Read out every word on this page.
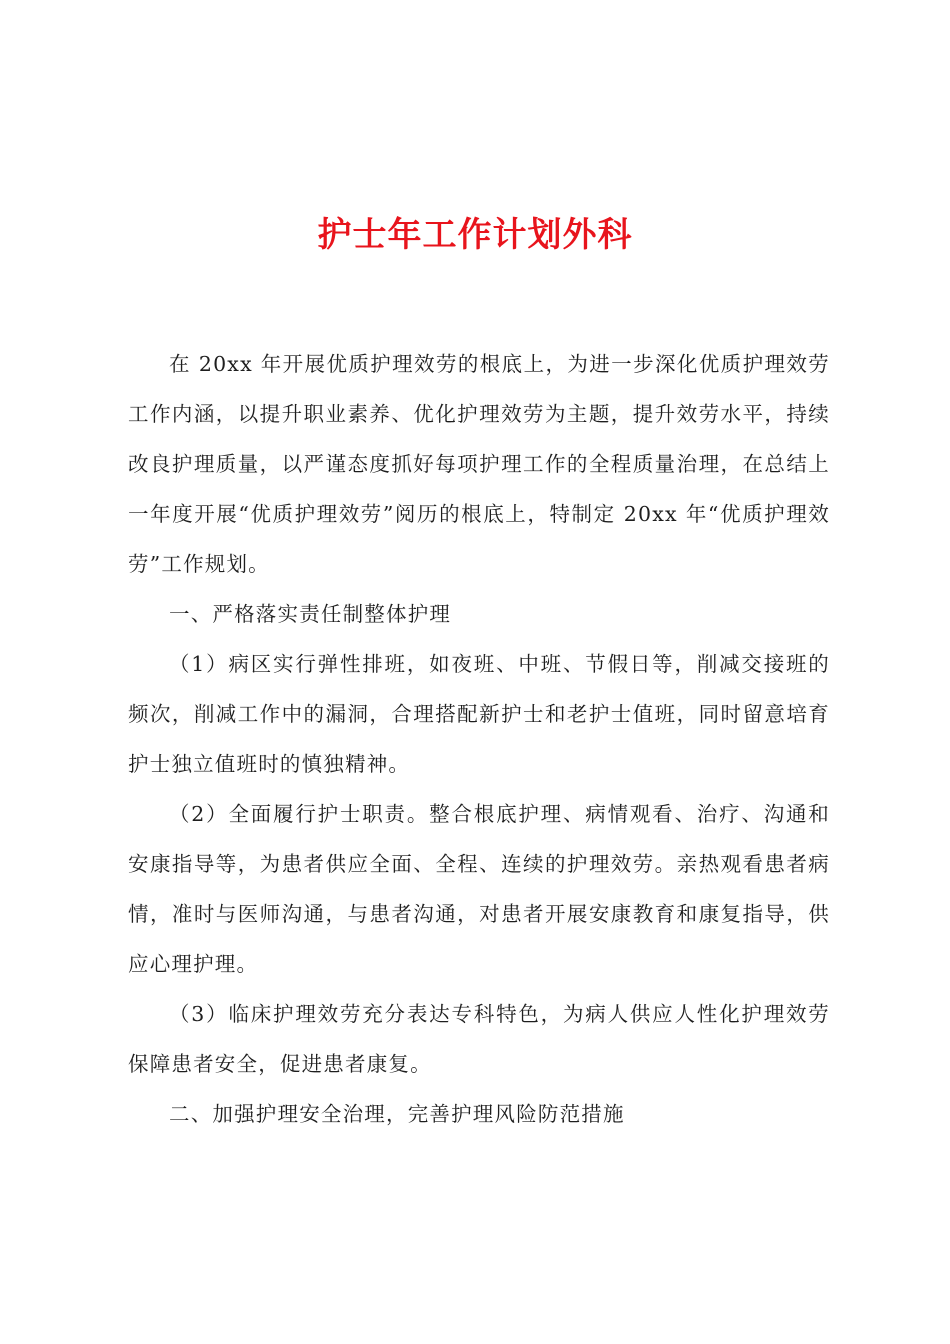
护士年工作计划外科

在 20xx 年开展优质护理效劳的根底上，为进一步深化优质护理效劳工作内涵，以提升职业素养、优化护理效劳为主题，提升效劳水平，持续改良护理质量，以严谨态度抓好每项护理工作的全程质量治理，在总结上一年度开展“优质护理效劳”阅历的根底上，特制定 20xx 年“优质护理效劳”工作规划。

一、严格落实责任制整体护理

（1）病区实行弹性排班，如夜班、中班、节假日等，削减交接班的频次，削减工作中的漏洞，合理搭配新护士和老护士值班，同时留意培育护士独立值班时的慎独精神。

（2）全面履行护士职责。整合根底护理、病情观看、治疗、沟通和安康指导等，为患者供应全面、全程、连续的护理效劳。亲热观看患者病情，准时与医师沟通，与患者沟通，对患者开展安康教育和康复指导，供应心理护理。

（3）临床护理效劳充分表达专科特色，为病人供应人性化护理效劳保障患者安全，促进患者康复。

二、加强护理安全治理，完善护理风险防范措施
